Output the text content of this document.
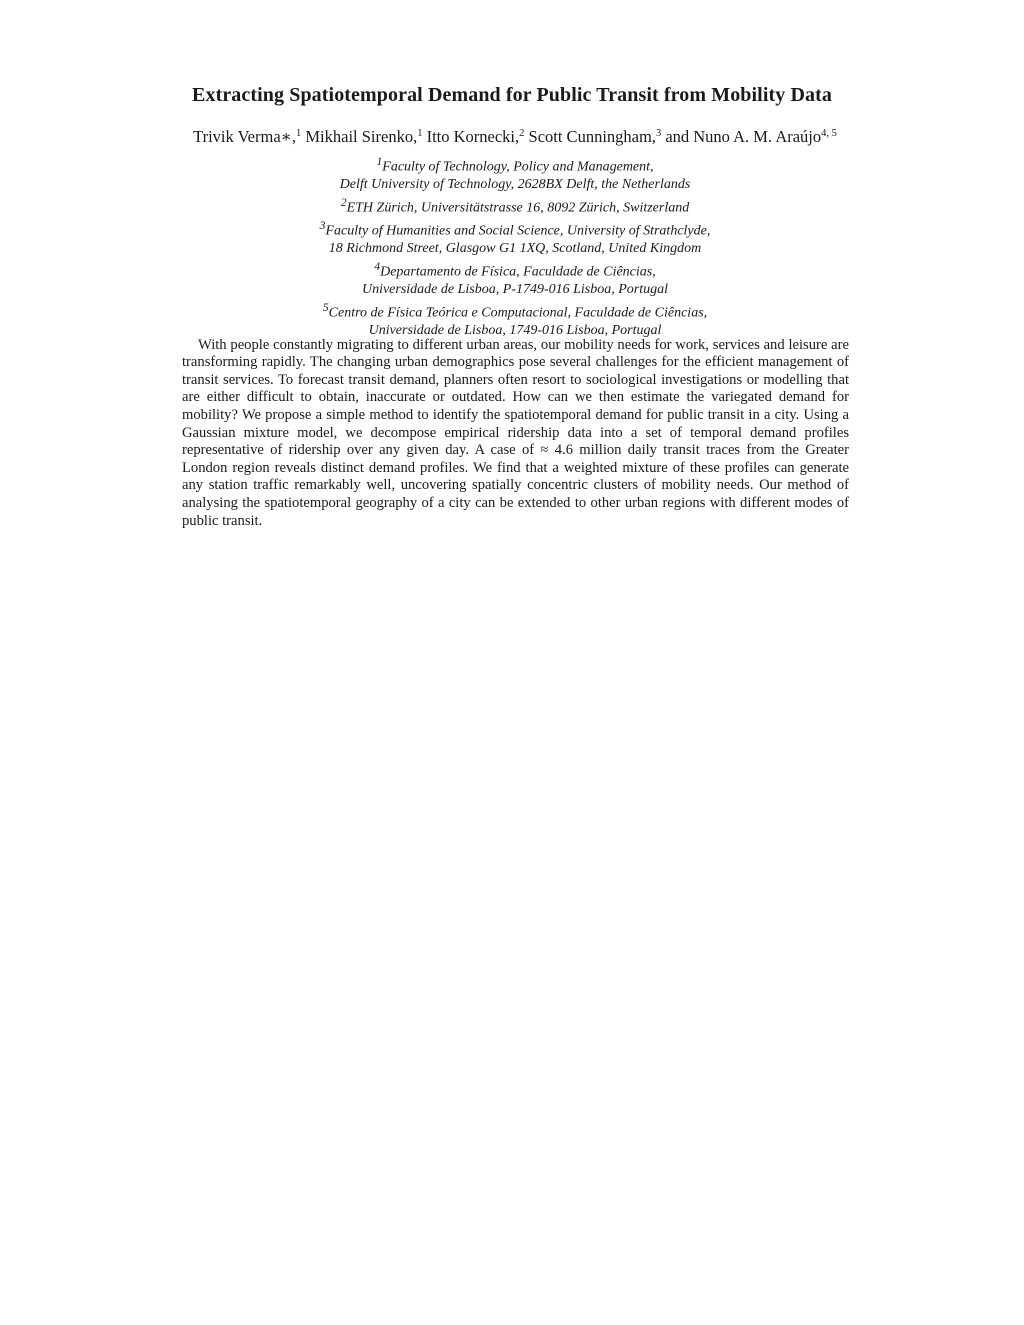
Extracting Spatiotemporal Demand for Public Transit from Mobility Data
Trivik Verma∗,$^1$ Mikhail Sirenko,$^1$ Itto Kornecki,$^2$ Scott Cunningham,$^3$ and Nuno A. M. Araújo$^{4, 5}$
$^1$Faculty of Technology, Policy and Management,
Delft University of Technology, 2628BX Delft, the Netherlands
$^2$ETH Zürich, Universitätstrasse 16, 8092 Zürich, Switzerland
$^3$Faculty of Humanities and Social Science, University of Strathclyde,
18 Richmond Street, Glasgow G1 1XQ, Scotland, United Kingdom
$^4$Departamento de Física, Faculdade de Ciências,
Universidade de Lisboa, P-1749-016 Lisboa, Portugal
$^5$Centro de Física Teórica e Computacional, Faculdade de Ciências,
Universidade de Lisboa, 1749-016 Lisboa, Portugal

With people constantly migrating to different urban areas, our mobility needs for work, services and leisure are transforming rapidly. The changing urban demographics pose several challenges for the efficient management of transit services. To forecast transit demand, planners often resort to sociological investigations or modelling that are either difficult to obtain, inaccurate or outdated. How can we then estimate the variegated demand for mobility? We propose a simple method to identify the spatiotemporal demand for public transit in a city. Using a Gaussian mixture model, we decompose empirical ridership data into a set of temporal demand profiles representative of ridership over any given day. A case of ≈ 4.6 million daily transit traces from the Greater London region reveals distinct demand profiles. We find that a weighted mixture of these profiles can generate any station traffic remarkably well, uncovering spatially concentric clusters of mobility needs. Our method of analysing the spatiotemporal geography of a city can be extended to other urban regions with different modes of public transit.
